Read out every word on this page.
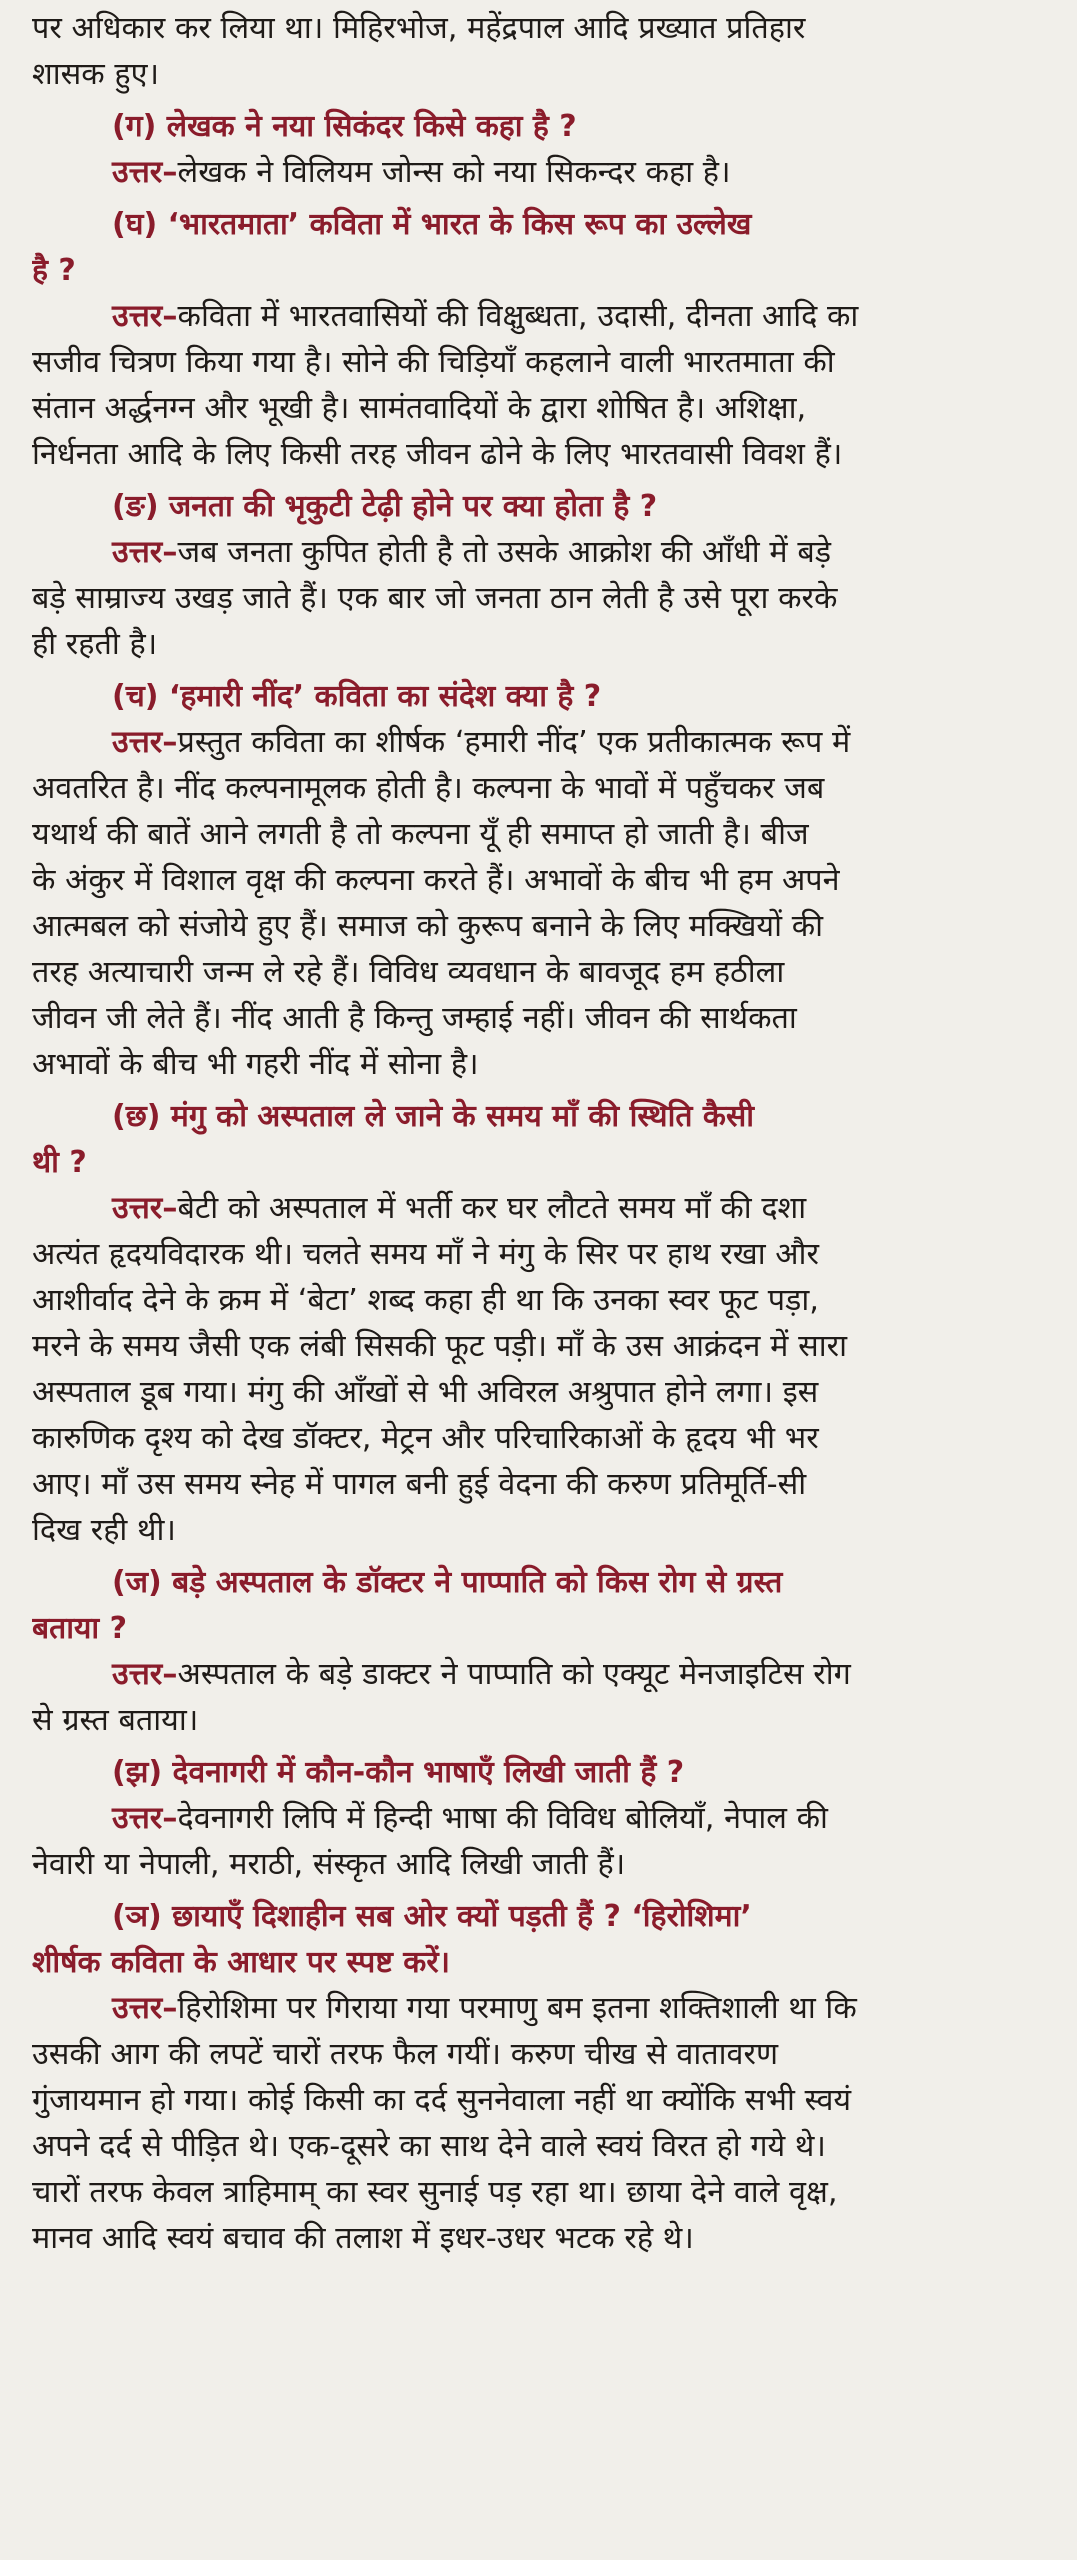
पर अधिकार कर लिया था। मिहिरभोज, महेंद्रपाल आदि प्रख्यात प्रतिहार
शासक हुए।
(ग) लेखक ने नया सिकंदर किसे कहा है ?
उत्तर–लेखक ने विलियम जोन्स को नया सिकन्दर कहा है।
(घ) ‘भारतमाता’ कविता में भारत के किस रूप का उल्लेख
है ?
उत्तर–कविता में भारतवासियों की विक्षुब्धता, उदासी, दीनता आदि का
सजीव चित्रण किया गया है। सोने की चिड़ियाँ कहलाने वाली भारतमाता की
संतान अर्द्धनग्न और भूखी है। सामंतवादियों के द्वारा शोषित है। अशिक्षा,
निर्धनता आदि के लिए किसी तरह जीवन ढोने के लिए भारतवासी विवश हैं।
(ङ) जनता की भृकुटी टेढ़ी होने पर क्या होता है ?
उत्तर–जब जनता कुपित होती है तो उसके आक्रोश की आँधी में बड़े
बड़े साम्राज्य उखड़ जाते हैं। एक बार जो जनता ठान लेती है उसे पूरा करके
ही रहती है।
(च) ‘हमारी नींद’ कविता का संदेश क्या है ?
उत्तर–प्रस्तुत कविता का शीर्षक ‘हमारी नींद’ एक प्रतीकात्मक रूप में
अवतरित है। नींद कल्पनामूलक होती है। कल्पना के भावों में पहुँचकर जब
यथार्थ की बातें आने लगती है तो कल्पना यूँ ही समाप्त हो जाती है। बीज
के अंकुर में विशाल वृक्ष की कल्पना करते हैं। अभावों के बीच भी हम अपने
आत्मबल को संजोये हुए हैं। समाज को कुरूप बनाने के लिए मक्खियों की
तरह अत्याचारी जन्म ले रहे हैं। विविध व्यवधान के बावजूद हम हठीला
जीवन जी लेते हैं। नींद आती है किन्तु जम्हाई नहीं। जीवन की सार्थकता
अभावों के बीच भी गहरी नींद में सोना है।
(छ) मंगु को अस्पताल ले जाने के समय माँ की स्थिति कैसी
थी ?
उत्तर–बेटी को अस्पताल में भर्ती कर घर लौटते समय माँ की दशा
अत्यंत हृदयविदारक थी। चलते समय माँ ने मंगु के सिर पर हाथ रखा और
आशीर्वाद देने के क्रम में ‘बेटा’ शब्द कहा ही था कि उनका स्वर फूट पड़ा,
मरने के समय जैसी एक लंबी सिसकी फूट पड़ी। माँ के उस आक्रंदन में सारा
अस्पताल डूब गया। मंगु की आँखों से भी अविरल अश्रुपात होने लगा। इस
कारुणिक दृश्य को देख डॉक्टर, मेट्रन और परिचारिकाओं के हृदय भी भर
आए। माँ उस समय स्नेह में पागल बनी हुई वेदना की करुण प्रतिमूर्ति-सी
दिख रही थी।
(ज) बड़े अस्पताल के डॉक्टर ने पाप्पाति को किस रोग से ग्रस्त
बताया ?
उत्तर–अस्पताल के बड़े डाक्टर ने पाप्पाति को एक्यूट मेनजाइटिस रोग
से ग्रस्त बताया।
(झ) देवनागरी में कौन-कौन भाषाएँ लिखी जाती हैं ?
उत्तर–देवनागरी लिपि में हिन्दी भाषा की विविध बोलियाँ, नेपाल की
नेवारी या नेपाली, मराठी, संस्कृत आदि लिखी जाती हैं।
(ञ) छायाएँ दिशाहीन सब ओर क्यों पड़ती हैं ? ‘हिरोशिमा’
शीर्षक कविता के आधार पर स्पष्ट करें।
उत्तर–हिरोशिमा पर गिराया गया परमाणु बम इतना शक्तिशाली था कि
उसकी आग की लपटें चारों तरफ फैल गयीं। करुण चीख से वातावरण
गुंजायमान हो गया। कोई किसी का दर्द सुननेवाला नहीं था क्योंकि सभी स्वयं
अपने दर्द से पीड़ित थे। एक-दूसरे का साथ देने वाले स्वयं विरत हो गये थे।
चारों तरफ केवल त्राहिमाम् का स्वर सुनाई पड़ रहा था। छाया देने वाले वृक्ष,
मानव आदि स्वयं बचाव की तलाश में इधर-उधर भटक रहे थे।
